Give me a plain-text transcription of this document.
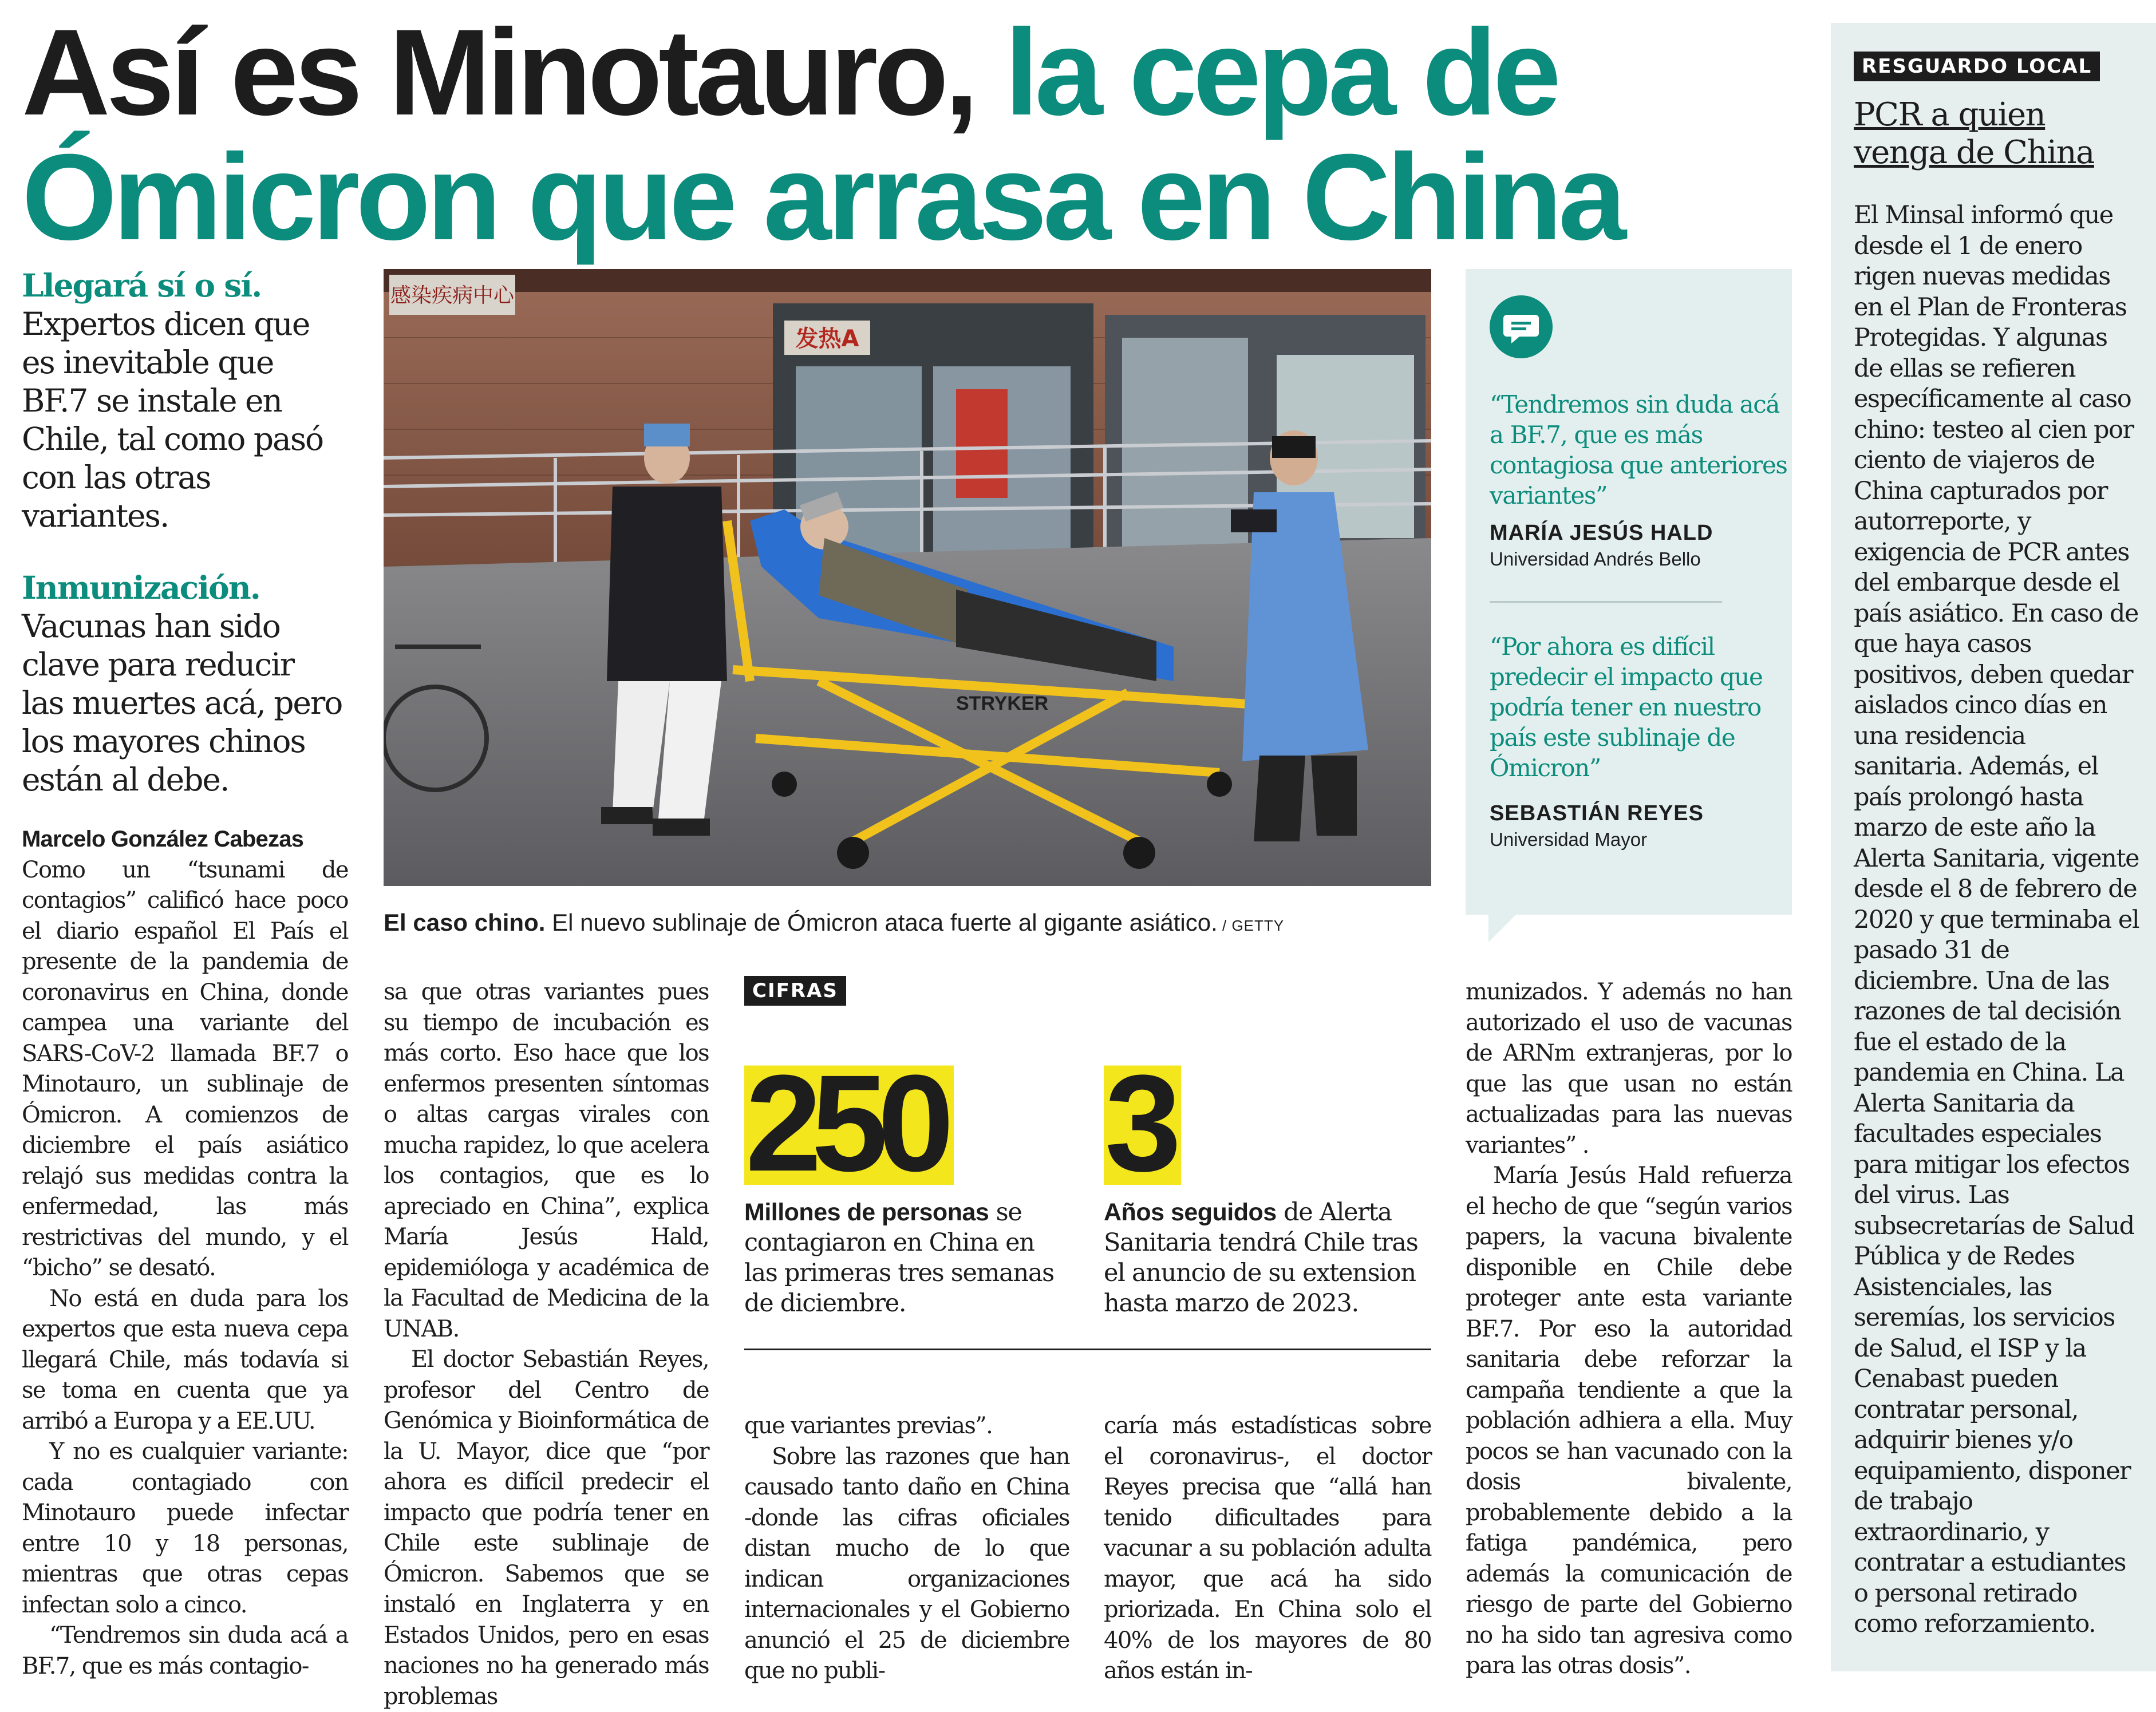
Así es Minotauro, la cepa de Ómicron que arrasa en China

Llegará sí o sí. Expertos dicen que es inevitable que BF.7 se instale en Chile, tal como pasó con las otras variantes.

Inmunización. Vacunas han sido clave para reducir las muertes acá, pero los mayores chinos están al debe.

Marcelo González Cabezas

Como un “tsunami de contagios” calificó hace poco el diario español El País el presente de la pandemia de coronavirus en China, donde campea una variante del SARS-CoV-2 llamada BF.7 o Minotauro, un sublinaje de Ómicron. A comienzos de diciembre el país asiático relajó sus medidas contra la enfermedad, las más restrictivas del mundo, y el “bicho” se desató.

No está en duda para los expertos que esta nueva cepa llegará Chile, más todavía si se toma en cuenta que ya arribó a Europa y a EE.UU.

Y no es cualquier variante: cada contagiado con Minotauro puede infectar entre 10 y 18 personas, mientras que otras cepas infectan solo a cinco.

“Tendremos sin duda acá a BF.7, que es más contagio-

感染疾病中心
发热A
STRYKER
El caso chino. El nuevo sublinaje de Ómicron ataca fuerte al gigante asiático. / GETTY
“Tendremos sin duda acá a BF.7, que es más contagiosa que anteriores variantes”
MARÍA JESÚS HALD
Universidad Andrés Bello
“Por ahora es difícil predecir el impacto que podría tener en nuestro país este sublinaje de Ómicron”
SEBASTIÁN REYES
Universidad Mayor

sa que otras variantes pues su tiempo de incubación es más corto. Eso hace que los enfermos presenten síntomas o altas cargas virales con mucha rapidez, lo que acelera los contagios, que es lo apreciado en China”, explica María Jesús Hald, epidemióloga y académica de la Facultad de Medicina de la UNAB.

El doctor Sebastián Reyes, profesor del Centro de Genómica y Bioinformática de la U. Mayor, dice que “por ahora es difícil predecir el impacto que podría tener en Chile este sublinaje de Ómicron. Sabemos que se instaló en Inglaterra y en Estados Unidos, pero en esas naciones no ha generado más problemas

CIFRAS
250
Millones de personas se contagiaron en China en las primeras tres semanas de diciembre.
3
Años seguidos de Alerta Sanitaria tendrá Chile tras el anuncio de su extension hasta marzo de 2023.

que variantes previas”.

Sobre las razones que han causado tanto daño en China -donde las cifras oficiales distan mucho de lo que indican organizaciones internacionales y el Gobierno anunció el 25 de diciembre que no publi-

caría más estadísticas sobre el coronavirus-, el doctor Reyes precisa que “allá han tenido dificultades para vacunar a su población adulta mayor, que acá ha sido priorizada. En China solo el 40% de los mayores de 80 años están in-

munizados. Y además no han autorizado el uso de vacunas de ARNm extranjeras, por lo que las que usan no están actualizadas para las nuevas variantes” .

María Jesús Hald refuerza el hecho de que “según varios papers, la vacuna bivalente disponible en Chile debe proteger ante esta variante BF.7. Por eso la autoridad sanitaria debe reforzar la campaña tendiente a que la población adhiera a ella. Muy pocos se han vacunado con la dosis bivalente, probablemente debido a la fatiga pandémica, pero además la comunicación de riesgo de parte del Gobierno no ha sido tan agresiva como para las otras dosis”.

RESGUARDO LOCAL
PCR a quien venga de China
El Minsal informó que desde el 1 de enero rigen nuevas medidas en el Plan de Fronteras Protegidas. Y algunas de ellas se refieren específicamente al caso chino: testeo al cien por ciento de viajeros de China capturados por autorreporte, y exigencia de PCR antes del embarque desde el país asiático. En caso de que haya casos positivos, deben quedar aislados cinco días en una residencia sanitaria. Además, el país prolongó hasta marzo de este año la Alerta Sanitaria, vigente desde el 8 de febrero de 2020 y que terminaba el pasado 31 de diciembre. Una de las razones de tal decisión fue el estado de la pandemia en China. La Alerta Sanitaria da facultades especiales para mitigar los efectos del virus. Las subsecretarías de Salud Pública y de Redes Asistenciales, las seremías, los servicios de Salud, el ISP y la Cenabast pueden contratar personal, adquirir bienes y/o equipamiento, disponer de trabajo extraordinario, y contratar a estudiantes o personal retirado como reforzamiento.
